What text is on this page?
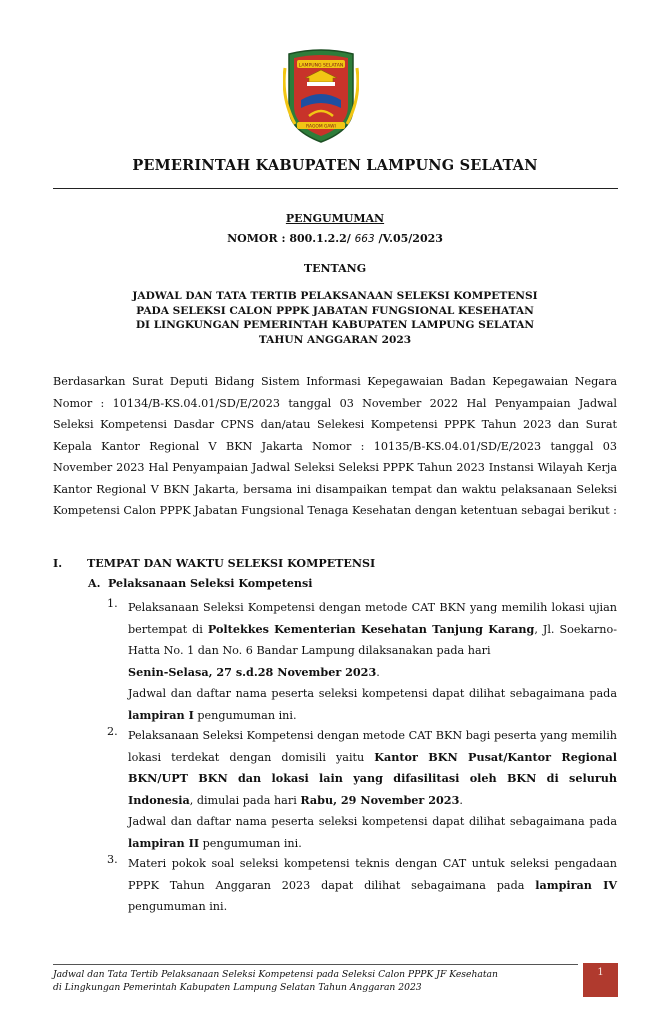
LAMPUNG SELATAN
RAGOM GAWI
PEMERINTAH KABUPATEN LAMPUNG SELATAN
PENGUMUMAN
NOMOR : 800.1.2.2/ 663 /V.05/2023
TENTANG
JADWAL DAN TATA TERTIB PELAKSANAAN SELEKSI KOMPETENSI
PADA SELEKSI CALON PPPK JABATAN FUNGSIONAL KESEHATAN
DI LINGKUNGAN PEMERINTAH KABUPATEN LAMPUNG SELATAN
TAHUN ANGGARAN 2023
Berdasarkan Surat Deputi Bidang Sistem Informasi Kepegawaian Badan Kepegawaian Negara Nomor : 10134/B-KS.04.01/SD/E/2023 tanggal 03 November 2022 Hal Penyampaian Jadwal Seleksi Kompetensi Dasdar CPNS dan/atau Selekesi Kompetensi PPPK Tahun 2023 dan Surat Kepala Kantor Regional V BKN Jakarta Nomor : 10135/B-KS.04.01/SD/E/2023 tanggal 03 November 2023 Hal Penyampaian Jadwal Seleksi Seleksi PPPK Tahun 2023 Instansi Wilayah Kerja Kantor Regional V BKN Jakarta, bersama ini disampaikan tempat dan waktu pelaksanaan Seleksi Kompetensi Calon PPPK Jabatan Fungsional Tenaga Kesehatan dengan ketentuan sebagai berikut :
I. TEMPAT DAN WAKTU SELEKSI KOMPETENSI
A. Pelaksanaan Seleksi Kompetensi
1. Pelaksanaan Seleksi Kompetensi dengan metode CAT BKN yang memilih lokasi ujian bertempat di Poltekkes Kementerian Kesehatan Tanjung Karang, Jl. Soekarno-Hatta No. 1 dan No. 6 Bandar Lampung dilaksanakan pada hari
Senin-Selasa, 27 s.d.28 November 2023.
Jadwal dan daftar nama peserta seleksi kompetensi dapat dilihat sebagaimana pada lampiran I pengumuman ini.
2. Pelaksanaan Seleksi Kompetensi dengan metode CAT BKN bagi peserta yang memilih lokasi terdekat dengan domisili yaitu Kantor BKN Pusat/Kantor Regional BKN/UPT BKN dan lokasi lain yang difasilitasi oleh BKN di seluruh Indonesia, dimulai pada hari Rabu, 29 November 2023.
Jadwal dan daftar nama peserta seleksi kompetensi dapat dilihat sebagaimana pada lampiran II pengumuman ini.
3. Materi pokok soal seleksi kompetensi teknis dengan CAT untuk seleksi pengadaan PPPK Tahun Anggaran 2023 dapat dilihat sebagaimana pada lampiran IV pengumuman ini.
Jadwal dan Tata Tertib Pelaksanaan Seleksi Kompetensi pada Seleksi Calon PPPK JF Kesehatan
di Lingkungan Pemerintah Kabupaten Lampung Selatan Tahun Anggaran 2023
1
